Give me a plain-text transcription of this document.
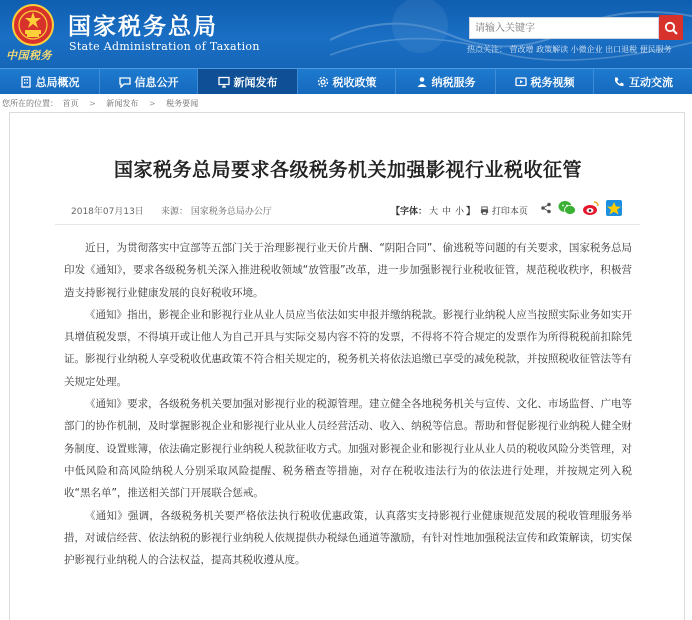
中国税务
国家税务总局
State Administration of Taxation
请输入关键字	热点关注： 营改增 政策解读 小微企业 出口退税 便民服务
总局概况	信息公开	新闻发布	税收政策	纳税服务	税务视频	互动交流
您所在的位置： 首页 > 新闻发布 > 税务要闻
国家税务总局要求各级税务机关加强影视行业税收征管
2018年07月13日 来源： 国家税务总局办公厅	【字体： 大 中 小 】	打印本页

近日，为贯彻落实中宣部等五部门关于治理影视行业天价片酬、“阴阳合同”、偷逃税等问题的有关要求，国家税务总局印发《通知》，要求各级税务机关深入推进税收领域“放管服”改革，进一步加强影视行业税收征管，规范税收秩序，积极营造支持影视行业健康发展的良好税收环境。

《通知》指出，影视企业和影视行业从业人员应当依法如实申报并缴纳税款。影视行业纳税人应当按照实际业务如实开具增值税发票，不得填开或让他人为自己开具与实际交易内容不符的发票，不得将不符合规定的发票作为所得税税前扣除凭证。影视行业纳税人享受税收优惠政策不符合相关规定的，税务机关将依法追缴已享受的减免税款，并按照税收征管法等有关规定处理。

《通知》要求，各级税务机关要加强对影视行业的税源管理。建立健全各地税务机关与宣传、文化、市场监督、广电等部门的协作机制，及时掌握影视企业和影视行业从业人员经营活动、收入、纳税等信息。帮助和督促影视行业纳税人健全财务制度、设置账簿，依法确定影视行业纳税人税款征收方式。加强对影视企业和影视行业从业人员的税收风险分类管理，对中低风险和高风险纳税人分别采取风险提醒、税务稽查等措施，对存在税收违法行为的依法进行处理，并按规定列入税收“黑名单”，推送相关部门开展联合惩戒。

《通知》强调，各级税务机关要严格依法执行税收优惠政策，认真落实支持影视行业健康规范发展的税收管理服务举措，对诚信经营、依法纳税的影视行业纳税人依规提供办税绿色通道等激励，有针对性地加强税法宣传和政策解读，切实保护影视行业纳税人的合法权益，提高其税收遵从度。
